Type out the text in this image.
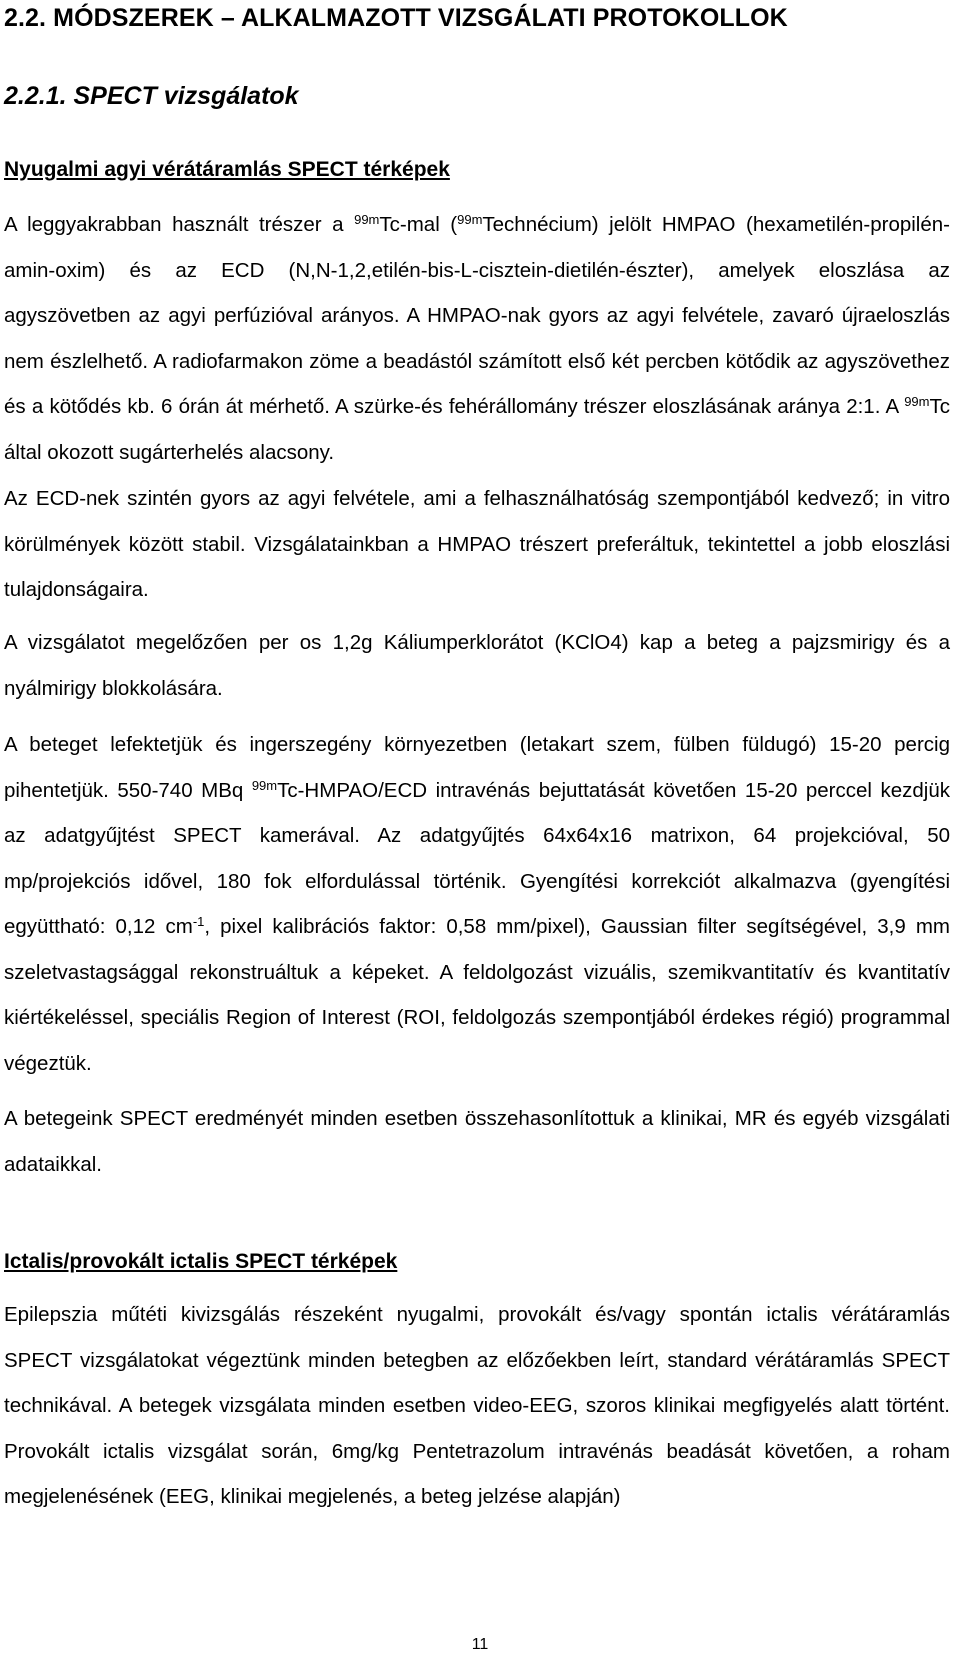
2.2. MÓDSZEREK – ALKALMAZOTT VIZSGÁLATI PROTOKOLLOK
2.2.1. SPECT vizsgálatok
Nyugalmi agyi vérátáramlás SPECT térképek

A leggyakrabban használt trészer a $^{99m}$Tc-mal ($^{99m}$Technécium) jelölt HMPAO (hexametilén-propilén-amin-oxim) és az ECD (N,N-1,2,etilén-bis-L-cisztein-dietilén-észter), amelyek eloszlása az agyszövetben az agyi perfúzióval arányos. A HMPAO-nak gyors az agyi felvétele, zavaró újraeloszlás nem észlelhető. A radiofarmakon zöme a beadástól számított első két percben kötődik az agyszövethez és a kötődés kb. 6 órán át mérhető. A szürke-és fehérállomány trészer eloszlásának aránya 2:1. A $^{99m}$Tc által okozott sugárterhelés alacsony.

Az ECD-nek szintén gyors az agyi felvétele, ami a felhasználhatóság szempontjából kedvező; in vitro körülmények között stabil. Vizsgálatainkban a HMPAO trészert preferáltuk, tekintettel a jobb eloszlási tulajdonságaira.

A vizsgálatot megelőzően per os 1,2g Káliumperklorátot (KClO4) kap a beteg a pajzsmirigy és a nyálmirigy blokkolására.

A beteget lefektetjük és ingerszegény környezetben (letakart szem, fülben füldugó) 15-20 percig pihentetjük. 550-740 MBq $^{99m}$Tc-HMPAO/ECD intravénás bejuttatását követően 15-20 perccel kezdjük az adatgyűjtést SPECT kamerával. Az adatgyűjtés 64x64x16 matrixon, 64 projekcióval, 50 mp/projekciós idővel, 180 fok elfordulással történik. Gyengítési korrekciót alkalmazva (gyengítési együttható: 0,12 $cm^{-1}$, pixel kalibrációs faktor: 0,58 mm/pixel), Gaussian filter segítségével, 3,9 mm szeletvastagsággal rekonstruáltuk a képeket. A feldolgozást vizuális, szemikvantitatív és kvantitatív kiértékeléssel, speciális Region of Interest (ROI, feldolgozás szempontjából érdekes régió) programmal végeztük.

A betegeink SPECT eredményét minden esetben összehasonlítottuk a klinikai, MR és egyéb vizsgálati adataikkal.

Ictalis/provokált ictalis SPECT térképek

Epilepszia műtéti kivizsgálás részeként nyugalmi, provokált és/vagy spontán ictalis vérátáramlás SPECT vizsgálatokat végeztünk minden betegben az előzőekben leírt, standard vérátáramlás SPECT technikával. A betegek vizsgálata minden esetben video-EEG, szoros klinikai megfigyelés alatt történt. Provokált ictalis vizsgálat során, 6mg/kg Pentetrazolum intravénás beadását követően, a roham megjelenésének (EEG, klinikai megjelenés, a beteg jelzése alapján)

11
